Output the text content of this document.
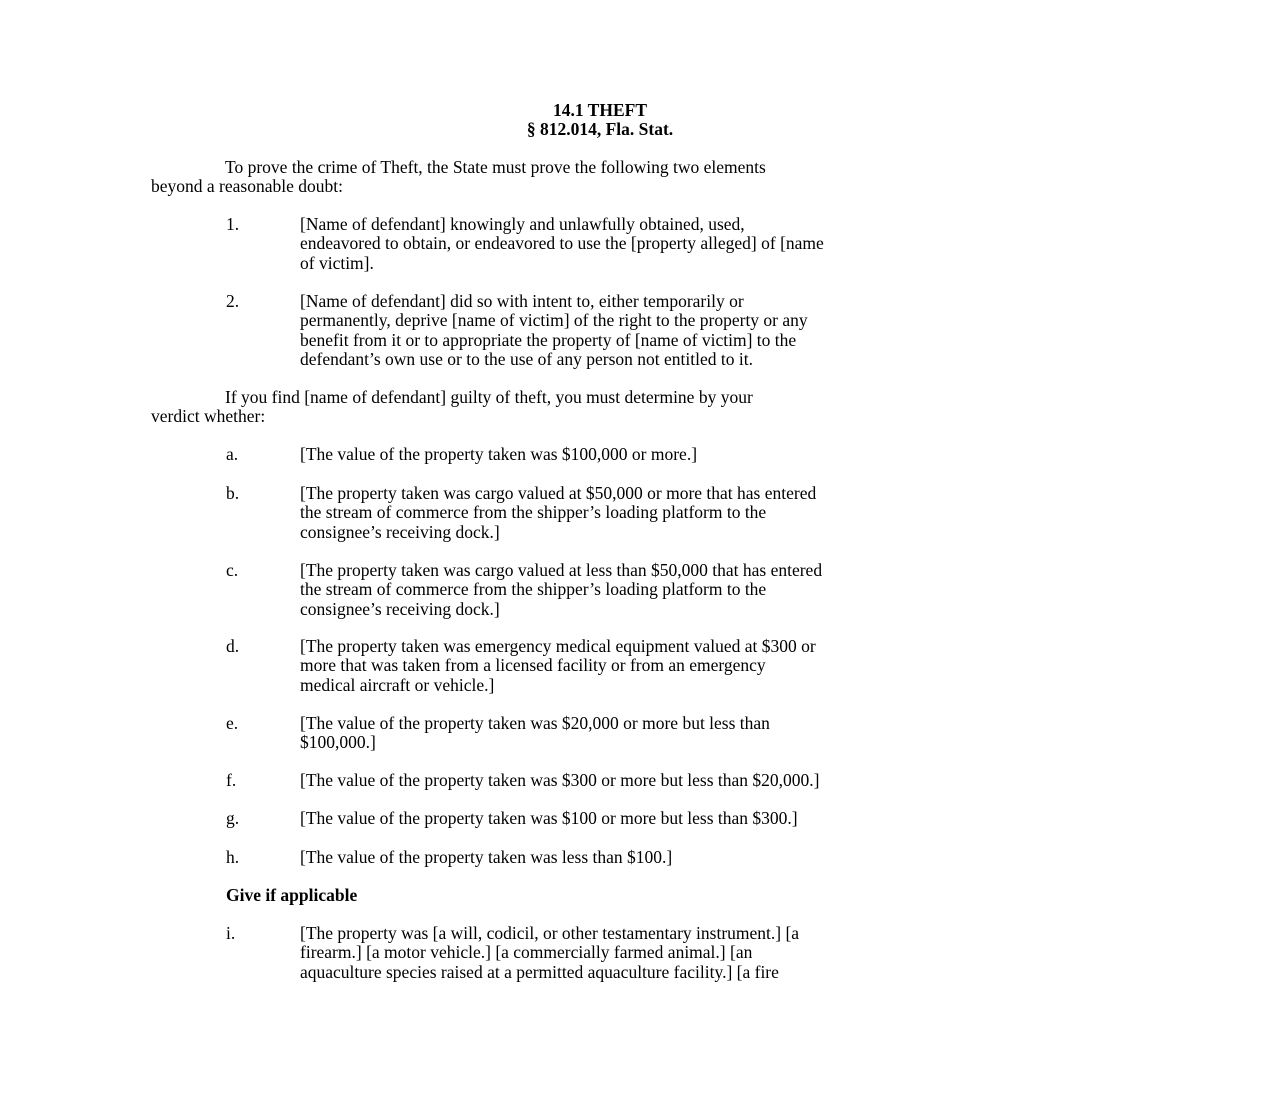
14.1 THEFT
§ 812.014, Fla. Stat.
To prove the crime of Theft, the State must prove the following two elements
beyond a reasonable doubt:
1.	[Name of defendant] knowingly and unlawfully obtained, used,
endeavored to obtain, or endeavored to use the [property alleged] of [name
of victim].
2.	[Name of defendant] did so with intent to, either temporarily or
permanently, deprive [name of victim] of the right to the property or any
benefit from it or to appropriate the property of [name of victim] to the
defendant’s own use or to the use of any person not entitled to it.
If you find [name of defendant] guilty of theft, you must determine by your
verdict whether:
a.	[The value of the property taken was $100,000 or more.]
b.	[The property taken was cargo valued at $50,000 or more that has entered
the stream of commerce from the shipper’s loading platform to the
consignee’s receiving dock.]
c.	[The property taken was cargo valued at less than $50,000 that has entered
the stream of commerce from the shipper’s loading platform to the
consignee’s receiving dock.]
d.	[The property taken was emergency medical equipment valued at $300 or
more that was taken from a licensed facility or from an emergency
medical aircraft or vehicle.]
e.	[The value of the property taken was $20,000 or more but less than
$100,000.]
f.	[The value of the property taken was $300 or more but less than $20,000.]
g.	[The value of the property taken was $100 or more but less than $300.]
h.	[The value of the property taken was less than $100.]
Give if applicable
i.	[The property was [a will, codicil, or other testamentary instrument.] [a
firearm.] [a motor vehicle.] [a commercially farmed animal.] [an
aquaculture species raised at a permitted aquaculture facility.] [a fire
